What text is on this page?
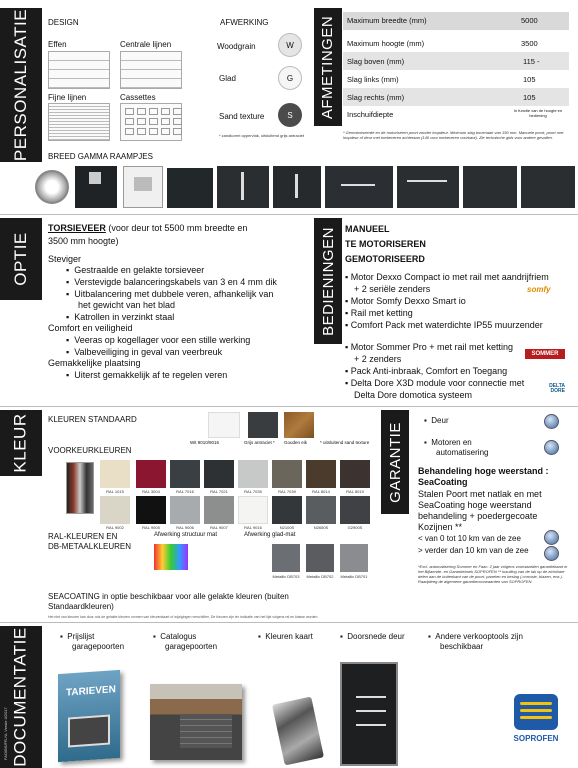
PERSONALISATIE DESIGN
Effen	Centrale lijnen
Fijne lijnen	Cassettes
AFWERKING
Woodgrain	W
Glad	G
Sand texture	S
* zandkorrel oppervlak, uitsluitend grijs antraciet
BREED GAMMA RAAMPJES
AFMETINGEN Maximum breedte (mm)	5000
Maximum hoogte (mm)	3500
Slag boven (mm)	115 -
Slag links (mm)	105
Slag rechts (mm)	105
Inschuifdiepte	In functie van de hoogte en bediening
* Gemotoriseerde en de motoriseren poort zonder loopdeur. Minimum slag bovenaan van 150 mm. Manuele poort, poort met loopdeur of deur met toebeveren achteraan (140 voor toebeveren voorkant). Zie technische gids voor andere gevallen.
OPTIE
TORSIEVEER (voor deur tot 5500 mm breedte en
3500 mm hoogte)
Steviger
▪  Gestraalde en gelakte torsieveer
▪  Verstevigde balanceringskabels van 3 en 4 mm dik
▪  Uitbalancering met dubbele veren, afhankelijk van
het gewicht van het blad
▪  Katrollen in verzinkt staal
Comfort en veiligheid
▪  Veeras op kogellager voor een stille werking
▪  Valbeveiliging in geval van veerbreuk
Gemakkelijke plaatsing
▪  Uiterst gemakkelijk af te regelen veren
BEDIENINGEN MANUEEL
TE MOTORISEREN
GEMOTORISEERD
▪ Motor Dexxo Compact io met rail met aandrijfriem
+ 2 seriële zenders	somfy
▪ Motor Somfy Dexxo Smart io
▪ Rail met ketting
▪ Comfort Pack met waterdichte IP55 muurzender
▪ Motor Sommer Pro + met rail met ketting
+ 2 zenders	SOMMER
▪ Pack Anti-inbraak, Comfort en Toegang
▪ Delta Dore X3D module voor connectie met
Delta Dore domotica systeem
DELTA
DORE
KLEUR KLEUREN STANDAARD
Wit 9010/9016	Grijs antraciet * Gouden eik	* uitsluitend sand texture
VOORKEURKLEUREN
RAL 1015	RAL 3004	RAL 7016	RAL 7021	RAL 7035	RAL 7039	RAL 8014	RAL 8019
RAL 9002	RAL 9005	RAL 9006	RAL 9007	RAL 9016	N2100S	N2650S	G2900S
RAL-KLEUREN EN
DB-METAALKLEUREN
Afwerking structuur mat	Afwerking glad-mat
Metallic DB703	Metallic DB702	Metallic DB701
SEACOATING in optie beschikbaar voor alle gelakte kleuren (buiten
Standaardkleuren)
Het niet van kleuren kan door ook de gelakte kleuren vormen van kleurenkaart of wijzigingen verschillen. De kleuren zijn ter indicatie van het lijst volgens ral en klasse worden.
GARANTIE
▪  Deur
▪  Motoren en
automatisering
Behandeling hoge weerstand :
SeaCoating
Stalen Poort met natlak en met
SeaCoating hoge weerstand
behandeling + poedergecoate
Kozijnen **
< van 0 tot 10 km van de zee
> verder dan 10 km van de zee
*Excl. automatisering Sommer en Faac: 2 jaar volgens voorwaarden garantiekaart in het Bijlaende- en Garantieboek SOPROFEN ** Inzuiling van de lak op de zichtbare delen aan de buitenkant van de poort, panelen en beslag (.corrosie, blazen, enz.). Raadpleeg de algemene garantievoorwaarden van SOPROFEN.
DOCUMENTATIE
FAO/BS/FR-NL Versie 4/2017
▪  Prijslijst
garagepoorten
▪  Catalogus
garagepoorten
▪  Kleuren kaart	▪  Doorsnede deur	▪  Andere verkooptools zijn
beschikbaar
TARIEVEN
SOPROFEN
